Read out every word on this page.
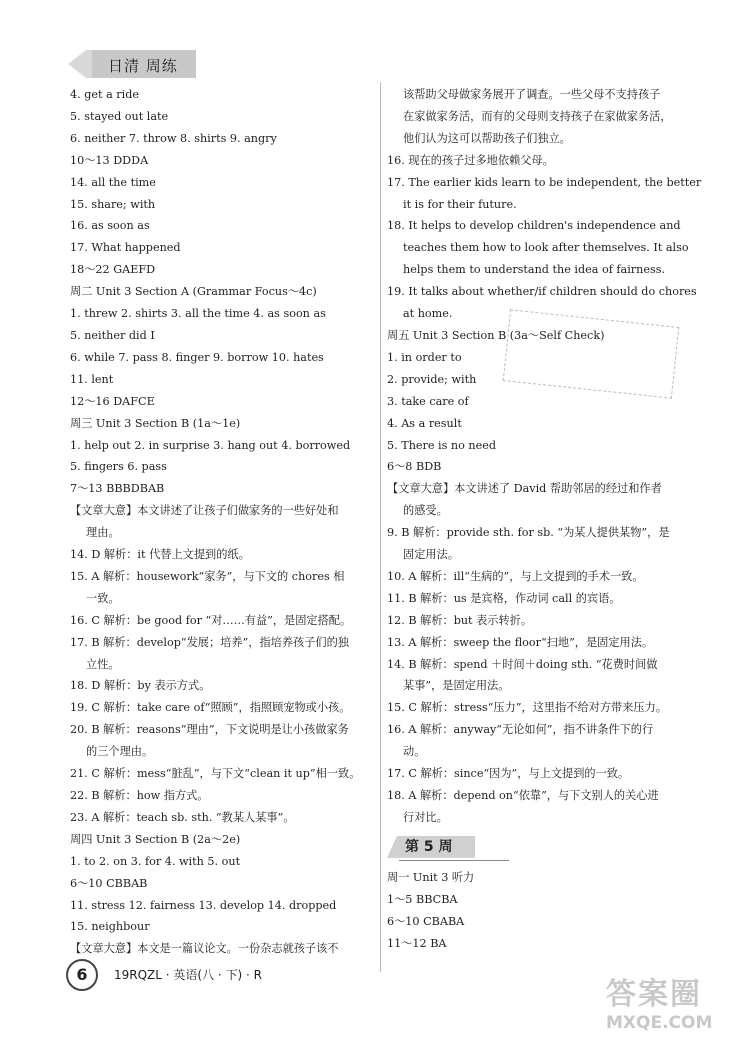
日清 周练
4. get a ride
5. stayed out late
6. neither 7. throw 8. shirts 9. angry
10～13 DDDA
14. all the time
15. share; with
16. as soon as
17. What happened
18～22 GAEFD
周二 Unit 3 Section A (Grammar Focus～4c)
1. threw 2. shirts 3. all the time 4. as soon as
5. neither did I
6. while 7. pass 8. finger 9. borrow 10. hates
11. lent
12～16 DAFCE
周三 Unit 3 Section B (1a～1e)
1. help out 2. in surprise 3. hang out 4. borrowed
5. fingers 6. pass
7～13 BBBDBAB
【文章大意】本文讲述了让孩子们做家务的一些好处和
理由。
14. D 解析：it 代替上文提到的纸。
15. A 解析：housework“家务”，与下文的 chores 相
一致。
16. C 解析：be good for “对……有益”，是固定搭配。
17. B 解析：develop“发展；培养”，指培养孩子们的独
立性。
18. D 解析：by 表示方式。
19. C 解析：take care of“照顾”，指照顾宠物或小孩。
20. B 解析：reasons“理由”，下文说明是让小孩做家务
的三个理由。
21. C 解析：mess“脏乱”，与下文“clean it up”相一致。
22. B 解析：how 指方式。
23. A 解析：teach sb. sth. “教某人某事”。
周四 Unit 3 Section B (2a～2e)
1. to 2. on 3. for 4. with 5. out
6～10 CBBAB
11. stress 12. fairness 13. develop 14. dropped
15. neighbour
【文章大意】本文是一篇议论文。一份杂志就孩子该不
该帮助父母做家务展开了调查。一些父母不支持孩子
在家做家务活，而有的父母则支持孩子在家做家务活，
他们认为这可以帮助孩子们独立。
16. 现在的孩子过多地依赖父母。
17. The earlier kids learn to be independent, the better
it is for their future.
18. It helps to develop children's independence and
teaches them how to look after themselves. It also
helps them to understand the idea of fairness.
19. It talks about whether/if children should do chores
at home.
周五 Unit 3 Section B (3a～Self Check)
1. in order to
2. provide; with
3. take care of
4. As a result
5. There is no need
6～8 BDB
【文章大意】本文讲述了 David 帮助邻居的经过和作者
的感受。
9. B 解析：provide sth. for sb. “为某人提供某物”，是
固定用法。
10. A 解析：ill“生病的”，与上文提到的手术一致。
11. B 解析：us 是宾格，作动词 call 的宾语。
12. B 解析：but 表示转折。
13. A 解析：sweep the floor“扫地”，是固定用法。
14. B 解析：spend ＋时间＋doing sth. “花费时间做
某事”，是固定用法。
15. C 解析：stress“压力”，这里指不给对方带来压力。
16. A 解析：anyway“无论如何”，指不讲条件下的行
动。
17. C 解析：since“因为”，与上文提到的一致。
18. A 解析：depend on“依靠”，与下文别人的关心进
行对比。
第 5 周
周一 Unit 3 听力
1～5 BBCBA
6～10 CBABA
11～12 BA
6	19RQZL · 英语(八 · 下) · R
答案圈
MXQE.COM
